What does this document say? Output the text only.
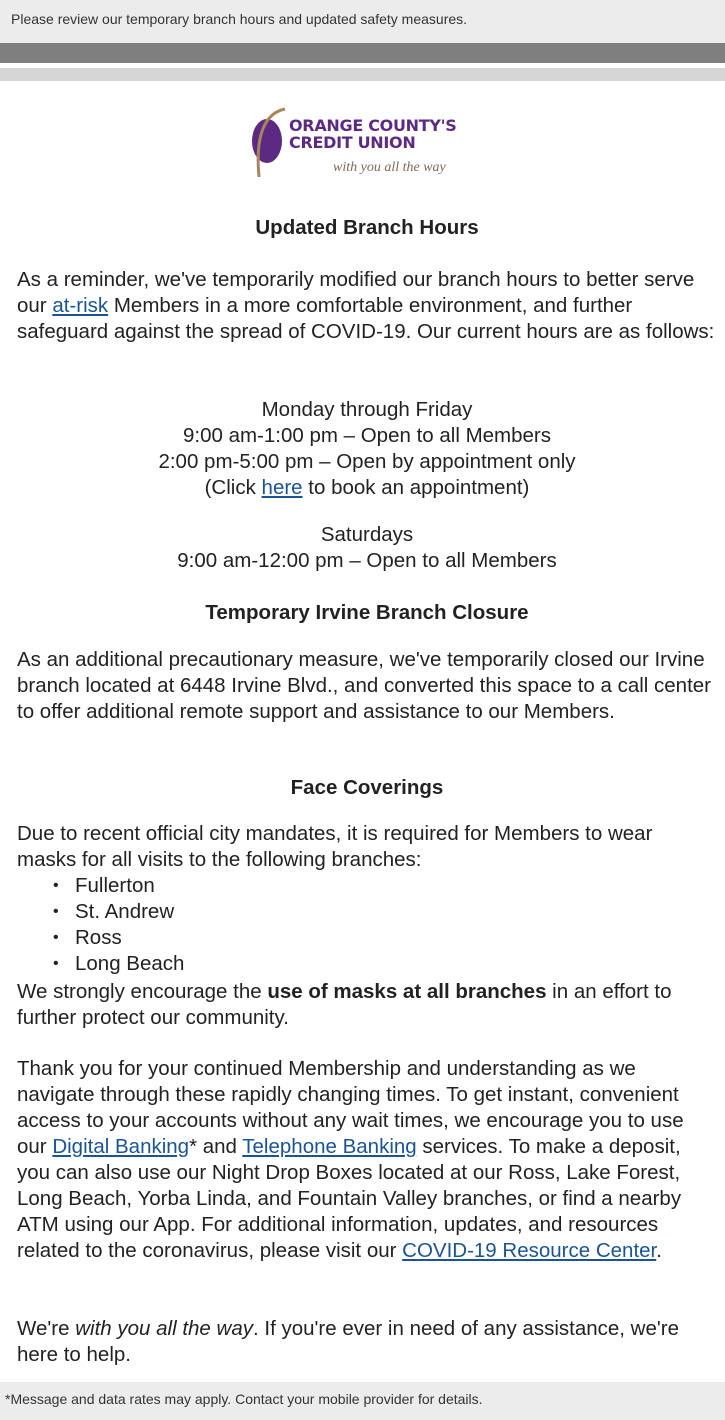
Please review our temporary branch hours and updated safety measures.
ORANGE COUNTY'S
CREDIT UNION
with you all the way
Updated Branch Hours

As a reminder, we've temporarily modified our branch hours to better serve our at-risk Members in a more comfortable environment, and further safeguard against the spread of COVID-19. Our current hours are as follows:

Monday through Friday
9:00 am-1:00 pm – Open to all Members
2:00 pm-5:00 pm – Open by appointment only
(Click here to book an appointment)
Saturdays
9:00 am-12:00 pm – Open to all Members
Temporary Irvine Branch Closure

As an additional precautionary measure, we've temporarily closed our Irvine branch located at 6448 Irvine Blvd., and converted this space to a call center to offer additional remote support and assistance to our Members.

Face Coverings

Due to recent official city mandates, it is required for Members to wear masks for all visits to the following branches:

• Fullerton
• St. Andrew
• Ross
• Long Beach

We strongly encourage the use of masks at all branches in an effort to further protect our community.

Thank you for your continued Membership and understanding as we navigate through these rapidly changing times. To get instant, convenient access to your accounts without any wait times, we encourage you to use our Digital Banking* and Telephone Banking services. To make a deposit, you can also use our Night Drop Boxes located at our Ross, Lake Forest, Long Beach, Yorba Linda, and Fountain Valley branches, or find a nearby ATM using our App. For additional information, updates, and resources related to the coronavirus, please visit our COVID-19 Resource Center.

We're with you all the way. If you're ever in need of any assistance, we're here to help.

*Message and data rates may apply. Contact your mobile provider for details.
